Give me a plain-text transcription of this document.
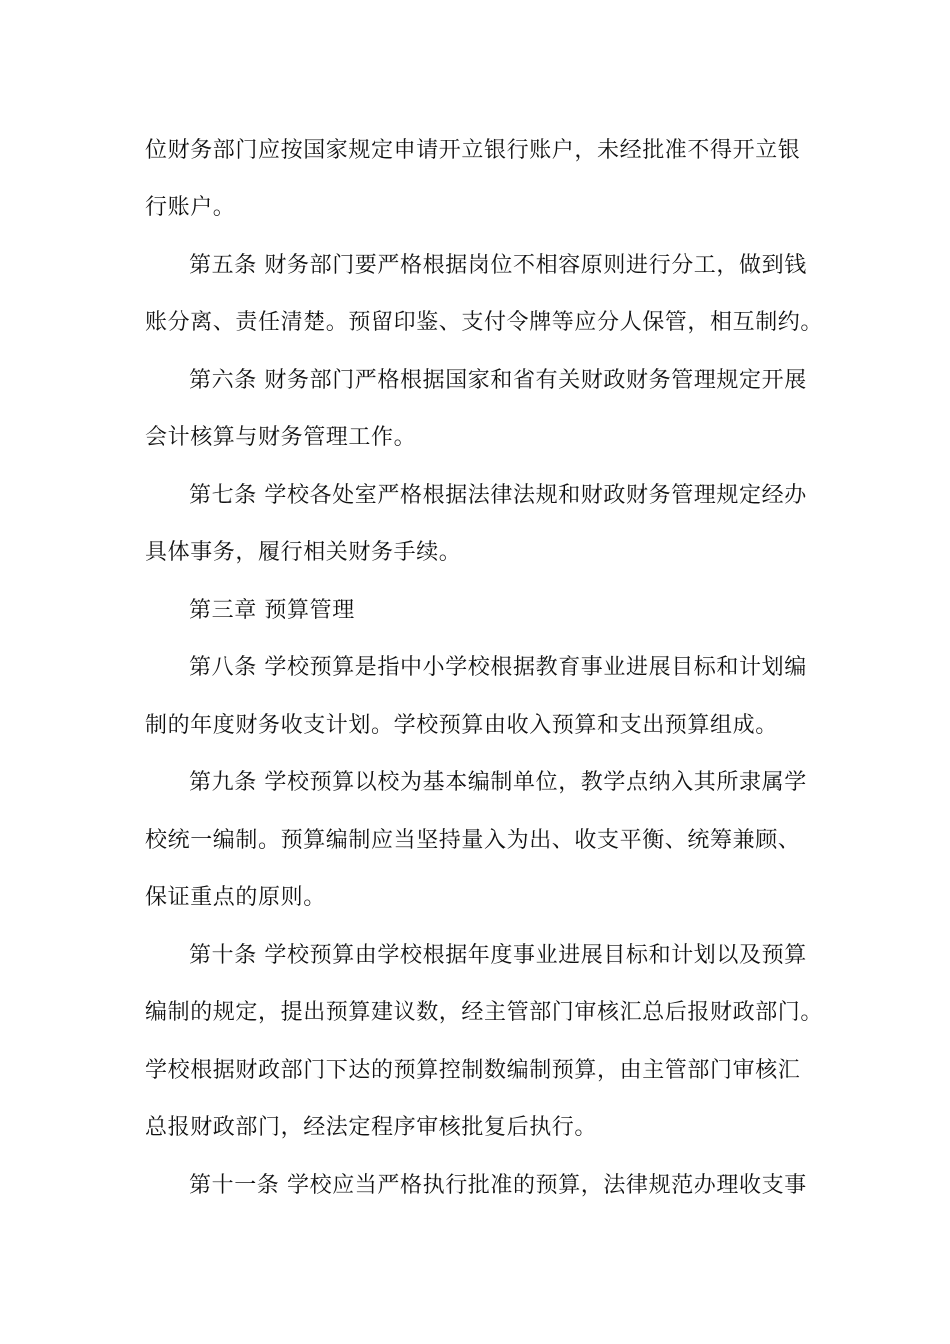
位财务部门应按国家规定申请开立银行账户，未经批准不得开立银
行账户。
第五条 财务部门要严格根据岗位不相容原则进行分工，做到钱
账分离、责任清楚。预留印鉴、支付令牌等应分人保管，相互制约。
第六条 财务部门严格根据国家和省有关财政财务管理规定开展
会计核算与财务管理工作。
第七条 学校各处室严格根据法律法规和财政财务管理规定经办
具体事务，履行相关财务手续。
第三章 预算管理
第八条 学校预算是指中小学校根据教育事业进展目标和计划编
制的年度财务收支计划。学校预算由收入预算和支出预算组成。
第九条 学校预算以校为基本编制单位，教学点纳入其所隶属学
校统一编制。预算编制应当坚持量入为出、收支平衡、统筹兼顾、
保证重点的原则。
第十条 学校预算由学校根据年度事业进展目标和计划以及预算
编制的规定，提出预算建议数，经主管部门审核汇总后报财政部门。
学校根据财政部门下达的预算控制数编制预算，由主管部门审核汇
总报财政部门，经法定程序审核批复后执行。
第十一条 学校应当严格执行批准的预算，法律规范办理收支事
